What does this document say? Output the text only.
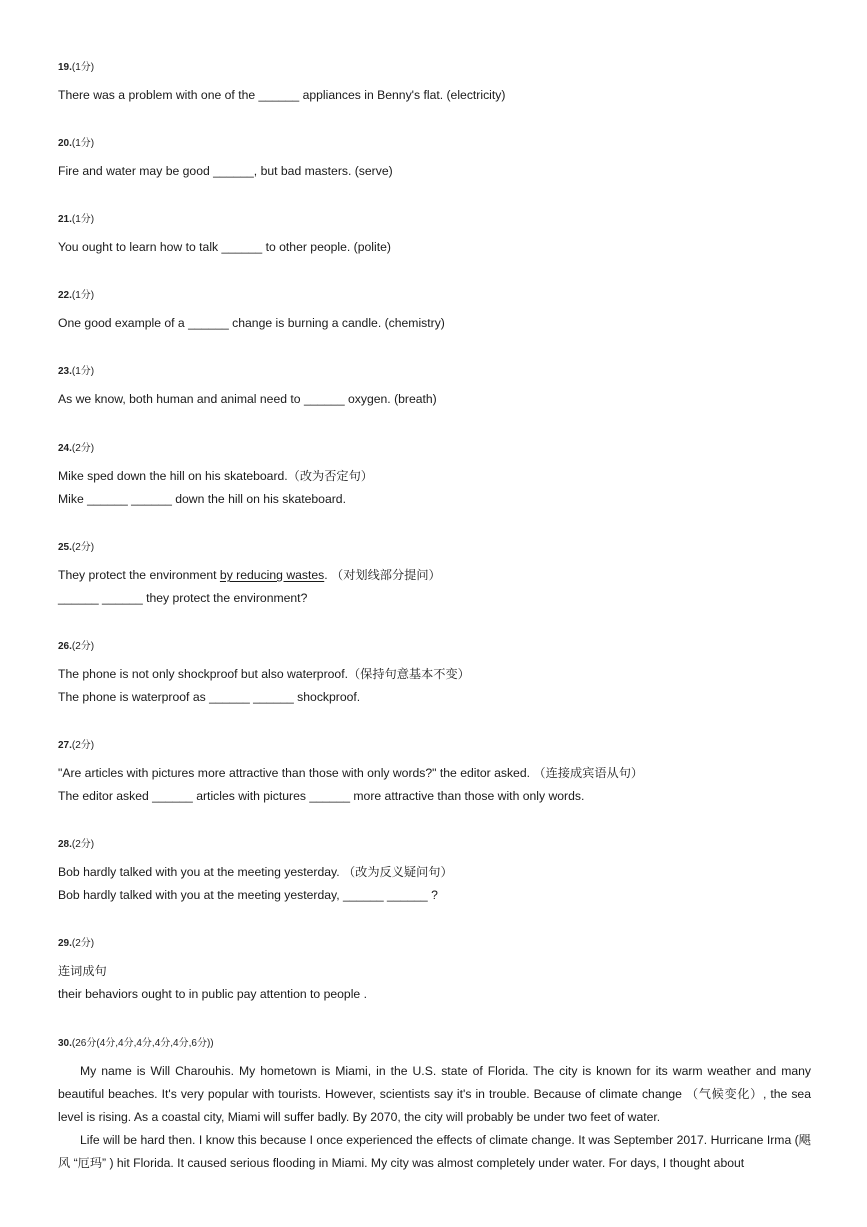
19.(1分)

There was a problem with one of the ______ appliances in Benny's flat. (electricity)

20.(1分)

Fire and water may be good ______, but bad masters. (serve)

21.(1分)

You ought to learn how to talk ______ to other people. (polite)

22.(1分)

One good example of a ______ change is burning a candle. (chemistry)

23.(1分)

As we know, both human and animal need to ______ oxygen. (breath)

24.(2分)

Mike sped down the hill on his skateboard.（改为否定句）

Mike ______ ______ down the hill on his skateboard.

25.(2分)

They protect the environment by reducing wastes. （对划线部分提问）

______ ______ they protect the environment?

26.(2分)

The phone is not only shockproof but also waterproof.（保持句意基本不变）

The phone is waterproof as ______ ______ shockproof.

27.(2分)

"Are articles with pictures more attractive than those with only words?" the editor asked. （连接成宾语从句）

The editor asked ______ articles with pictures ______ more attractive than those with only words.

28.(2分)

Bob hardly talked with you at the meeting yesterday. （改为反义疑问句）

Bob hardly talked with you at the meeting yesterday, ______ ______ ?

29.(2分)

连词成句

their behaviors ought to in public pay attention to people .

30.(26分(4分,4分,4分,4分,4分,6分))

My name is Will Charouhis. My hometown is Miami, in the U.S. state of Florida. The city is known for its warm weather and many beautiful beaches. It's very popular with tourists. However, scientists say it's in trouble. Because of climate change （气候变化）, the sea level is rising. As a coastal city, Miami will suffer badly. By 2070, the city will probably be under two feet of water.

Life will be hard then. I know this because I once experienced the effects of climate change. It was September 2017. Hurricane Irma (飓风 “厄玛” ) hit Florida. It caused serious flooding in Miami. My city was almost completely under water. For days, I thought about
